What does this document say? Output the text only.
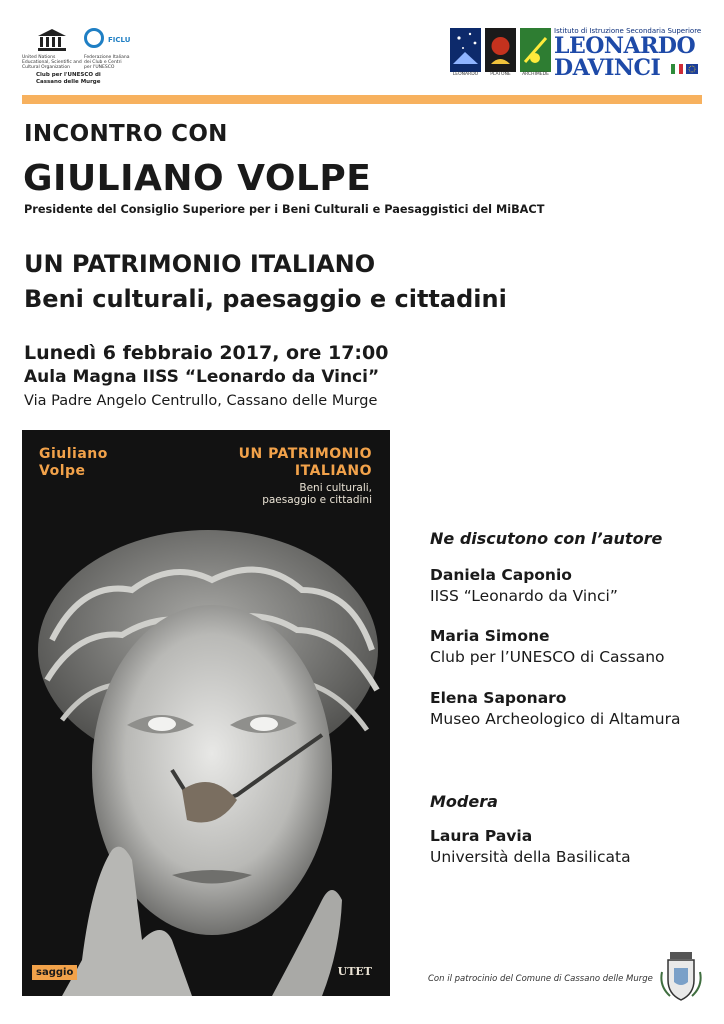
United Nations
Educational, Scientific and
Cultural Organization
FICLU
Federazione Italiana
dei Club e Centri
per l'UNESCO
Club per l'UNESCO di
Cassano delle Murge
LEONARDO	PLATONE	ARCHIMEDE
Istituto di Istruzione Secondaria Superiore
LEONARDO
DAVINCI
INCONTRO CON
GIULIANO VOLPE
Presidente del Consiglio Superiore per i Beni Culturali e Paesaggistici del MiBACT
UN PATRIMONIO ITALIANO
Beni culturali, paesaggio e cittadini
Lunedì 6 febbraio 2017, ore 17:00
Aula Magna IISS “Leonardo da Vinci”
Via Padre Angelo Centrullo, Cassano delle Murge
Giuliano
Volpe
UN PATRIMONIO
ITALIANO
Beni culturali,
paesaggio e cittadini
saggio	UTET
Ne discutono con l’autore
Daniela Caponio
IISS “Leonardo da Vinci”
Maria Simone
Club per l’UNESCO di Cassano
Elena Saponaro
Museo Archeologico di Altamura
Modera
Laura Pavia
Università della Basilicata
Con il patrocinio del Comune di Cassano delle Murge
